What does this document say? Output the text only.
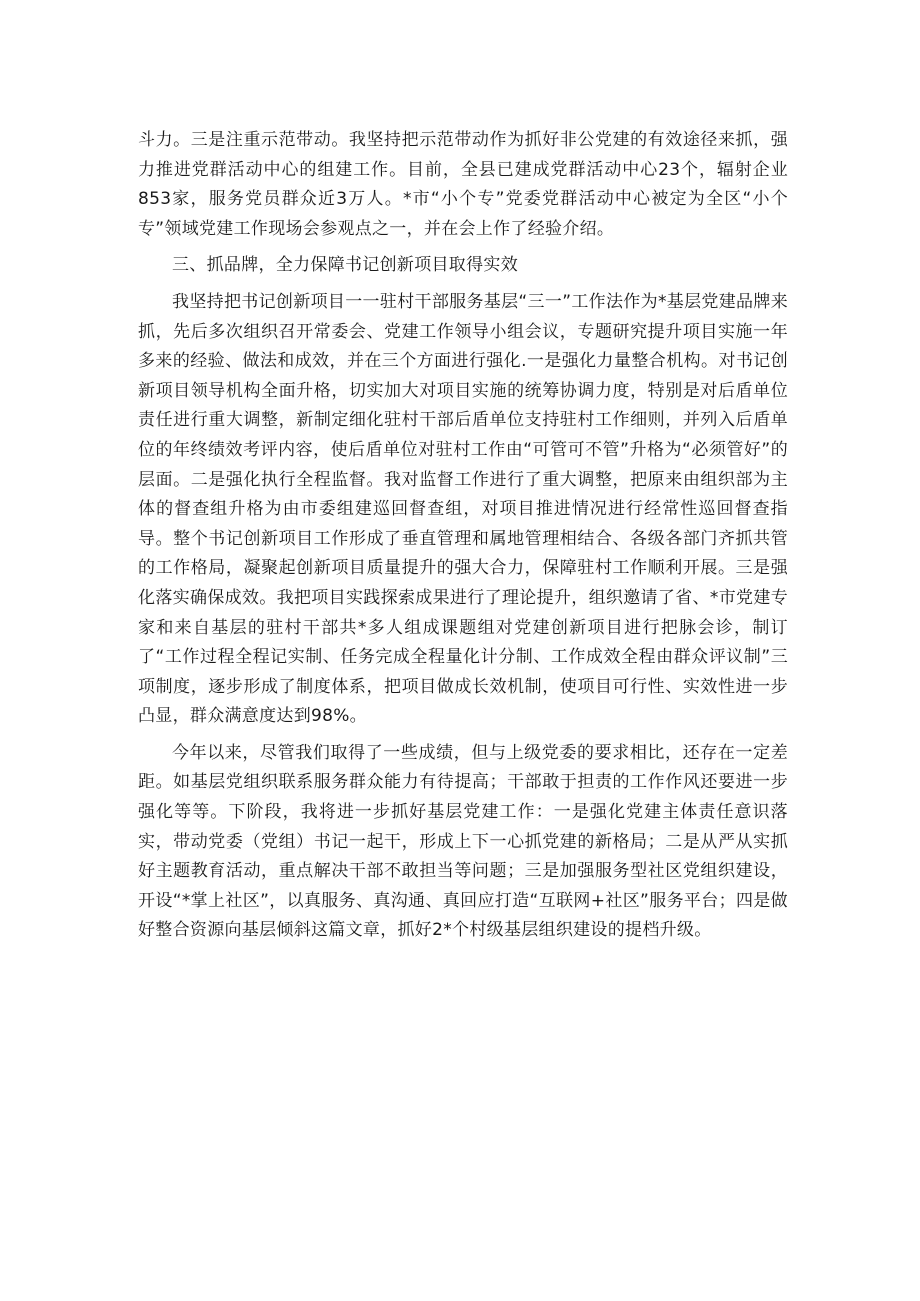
斗力。三是注重示范带动。我坚持把示范带动作为抓好非公党建的有效途径来抓，强力推进党群活动中心的组建工作。目前，全县已建成党群活动中心23个，辐射企业853家，服务党员群众近3万人。*市“小个专”党委党群活动中心被定为全区“小个专”领域党建工作现场会参观点之一，并在会上作了经验介绍。

三、抓品牌，全力保障书记创新项目取得实效

我坚持把书记创新项目一一驻村干部服务基层“三一”工作法作为*基层党建品牌来抓，先后多次组织召开常委会、党建工作领导小组会议，专题研究提升项目实施一年多来的经验、做法和成效，并在三个方面进行强化.一是强化力量整合机构。对书记创新项目领导机构全面升格，切实加大对项目实施的统筹协调力度，特别是对后盾单位责任进行重大调整，新制定细化驻村干部后盾单位支持驻村工作细则，并列入后盾单位的年终绩效考评内容，使后盾单位对驻村工作由“可管可不管”升格为“必须管好”的层面。二是强化执行全程监督。我对监督工作进行了重大调整，把原来由组织部为主体的督查组升格为由市委组建巡回督查组，对项目推进情况进行经常性巡回督查指导。整个书记创新项目工作形成了垂直管理和属地管理相结合、各级各部门齐抓共管的工作格局，凝聚起创新项目质量提升的强大合力，保障驻村工作顺利开展。三是强化落实确保成效。我把项目实践探索成果进行了理论提升，组织邀请了省、*市党建专家和来自基层的驻村干部共*多人组成课题组对党建创新项目进行把脉会诊，制订了“工作过程全程记实制、任务完成全程量化计分制、工作成效全程由群众评议制”三项制度，逐步形成了制度体系，把项目做成长效机制，使项目可行性、实效性进一步凸显，群众满意度达到98%。

今年以来，尽管我们取得了一些成绩，但与上级党委的要求相比，还存在一定差距。如基层党组织联系服务群众能力有待提高；干部敢于担责的工作作风还要进一步强化等等。下阶段，我将进一步抓好基层党建工作：一是强化党建主体责任意识落实，带动党委（党组）书记一起干，形成上下一心抓党建的新格局；二是从严从实抓好主题教育活动，重点解决干部不敢担当等问题；三是加强服务型社区党组织建设，开设“*掌上社区”，以真服务、真沟通、真回应打造“互联网+社区”服务平台；四是做好整合资源向基层倾斜这篇文章，抓好2*个村级基层组织建设的提档升级。
